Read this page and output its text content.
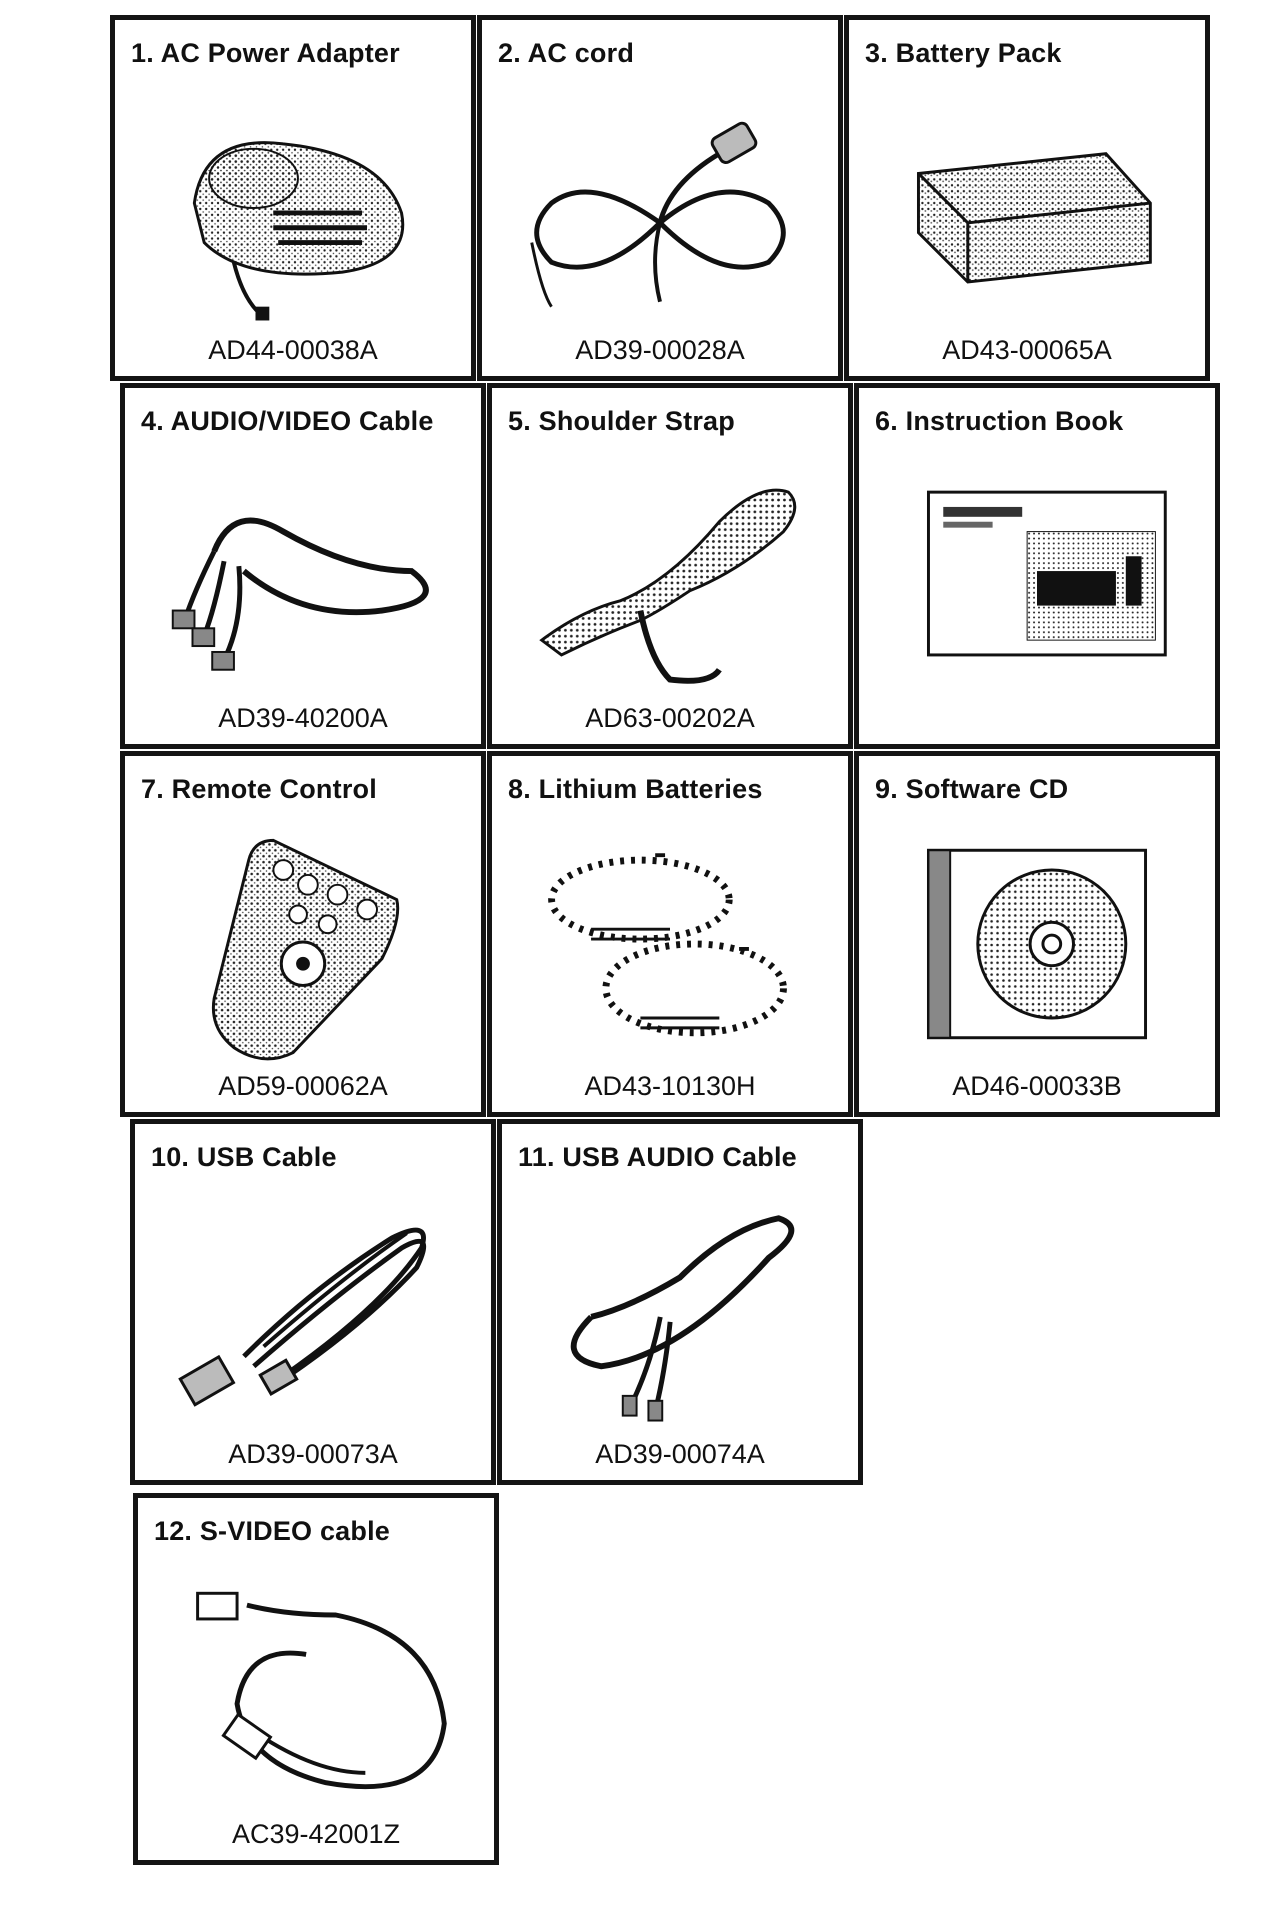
1. AC Power Adapter
AD44-00038A
2. AC cord
AD39-00028A
3. Battery Pack
AD43-00065A
4. AUDIO/VIDEO Cable
AD39-40200A
5. Shoulder Strap
AD63-00202A
6. Instruction Book
7. Remote Control
AD59-00062A
8. Lithium Batteries
AD43-10130H
9. Software CD
AD46-00033B
10. USB Cable
AD39-00073A
11. USB AUDIO Cable
AD39-00074A
12. S-VIDEO cable
AC39-42001Z
